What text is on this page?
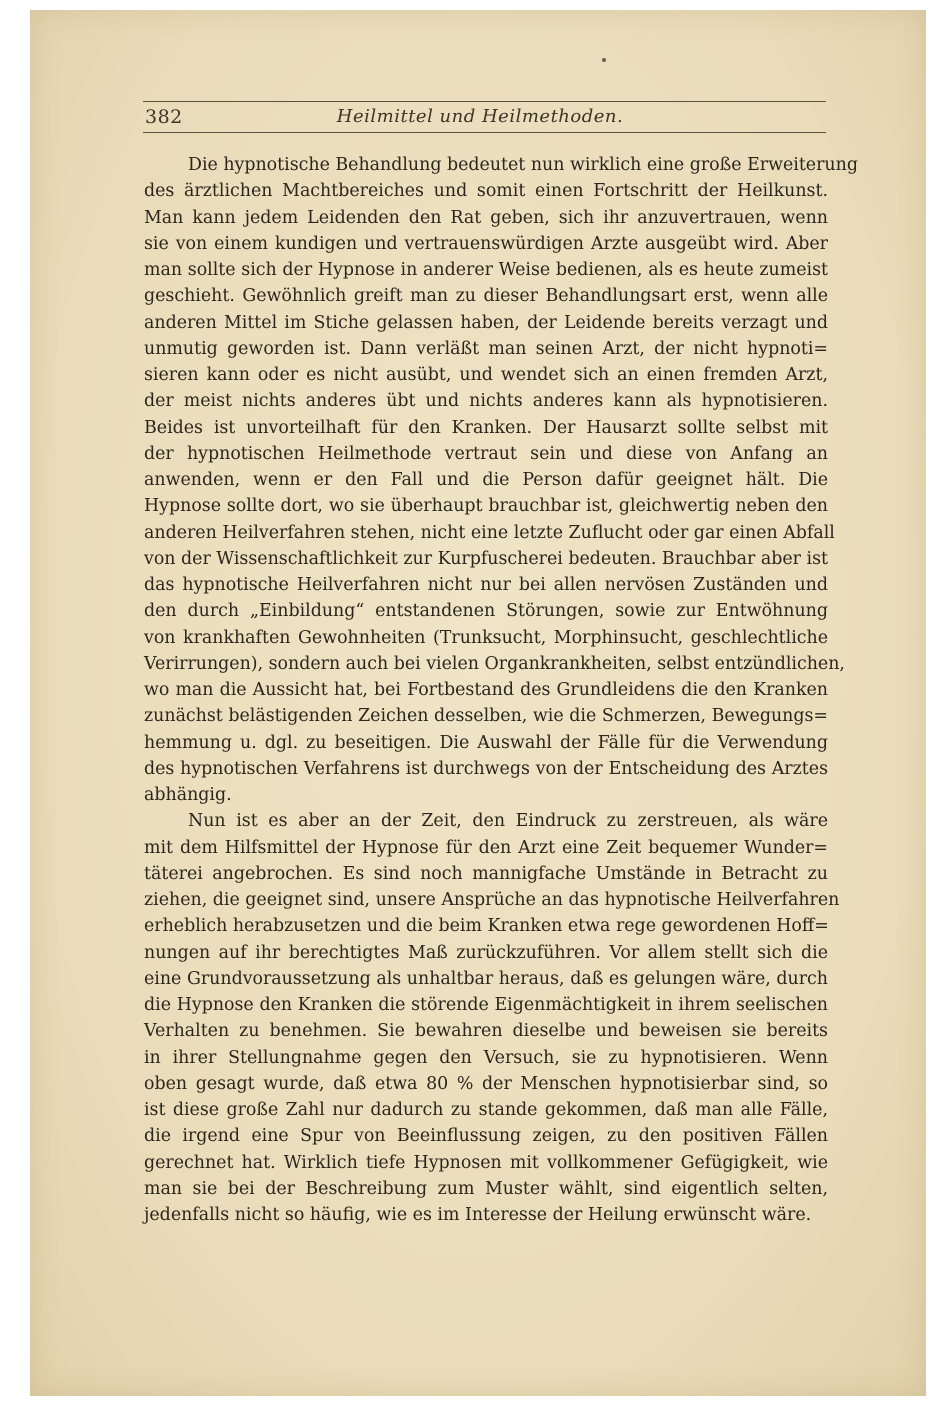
382	Heilmittel und Heilmethoden.
Die hypnotische Behandlung bedeutet nun wirklich eine große Erweiterung
des ärztlichen Machtbereiches und somit einen Fortschritt der Heilkunst.
Man kann jedem Leidenden den Rat geben, sich ihr anzuvertrauen, wenn
sie von einem kundigen und vertrauenswürdigen Arzte ausgeübt wird. Aber
man sollte sich der Hypnose in anderer Weise bedienen, als es heute zumeist
geschieht. Gewöhnlich greift man zu dieser Behandlungsart erst, wenn alle
anderen Mittel im Stiche gelassen haben, der Leidende bereits verzagt und
unmutig geworden ist. Dann verläßt man seinen Arzt, der nicht hypnoti=
sieren kann oder es nicht ausübt, und wendet sich an einen fremden Arzt,
der meist nichts anderes übt und nichts anderes kann als hypnotisieren.
Beides ist unvorteilhaft für den Kranken. Der Hausarzt sollte selbst mit
der hypnotischen Heilmethode vertraut sein und diese von Anfang an
anwenden, wenn er den Fall und die Person dafür geeignet hält. Die
Hypnose sollte dort, wo sie überhaupt brauchbar ist, gleichwertig neben den
anderen Heilverfahren stehen, nicht eine letzte Zuflucht oder gar einen Abfall
von der Wissenschaftlichkeit zur Kurpfuscherei bedeuten. Brauchbar aber ist
das hypnotische Heilverfahren nicht nur bei allen nervösen Zuständen und
den durch „Einbildung“ entstandenen Störungen, sowie zur Entwöhnung
von krankhaften Gewohnheiten (Trunksucht, Morphinsucht, geschlechtliche
Verirrungen), sondern auch bei vielen Organkrankheiten, selbst entzündlichen,
wo man die Aussicht hat, bei Fortbestand des Grundleidens die den Kranken
zunächst belästigenden Zeichen desselben, wie die Schmerzen, Bewegungs=
hemmung u. dgl. zu beseitigen. Die Auswahl der Fälle für die Verwendung
des hypnotischen Verfahrens ist durchwegs von der Entscheidung des Arztes
abhängig.
Nun ist es aber an der Zeit, den Eindruck zu zerstreuen, als wäre
mit dem Hilfsmittel der Hypnose für den Arzt eine Zeit bequemer Wunder=
täterei angebrochen. Es sind noch mannigfache Umstände in Betracht zu
ziehen, die geeignet sind, unsere Ansprüche an das hypnotische Heilverfahren
erheblich herabzusetzen und die beim Kranken etwa rege gewordenen Hoff=
nungen auf ihr berechtigtes Maß zurückzuführen. Vor allem stellt sich die
eine Grundvoraussetzung als unhaltbar heraus, daß es gelungen wäre, durch
die Hypnose den Kranken die störende Eigenmächtigkeit in ihrem seelischen
Verhalten zu benehmen. Sie bewahren dieselbe und beweisen sie bereits
in ihrer Stellungnahme gegen den Versuch, sie zu hypnotisieren. Wenn
oben gesagt wurde, daß etwa 80 % der Menschen hypnotisierbar sind, so
ist diese große Zahl nur dadurch zu stande gekommen, daß man alle Fälle,
die irgend eine Spur von Beeinflussung zeigen, zu den positiven Fällen
gerechnet hat. Wirklich tiefe Hypnosen mit vollkommener Gefügigkeit, wie
man sie bei der Beschreibung zum Muster wählt, sind eigentlich selten,
jedenfalls nicht so häufig, wie es im Interesse der Heilung erwünscht wäre.
